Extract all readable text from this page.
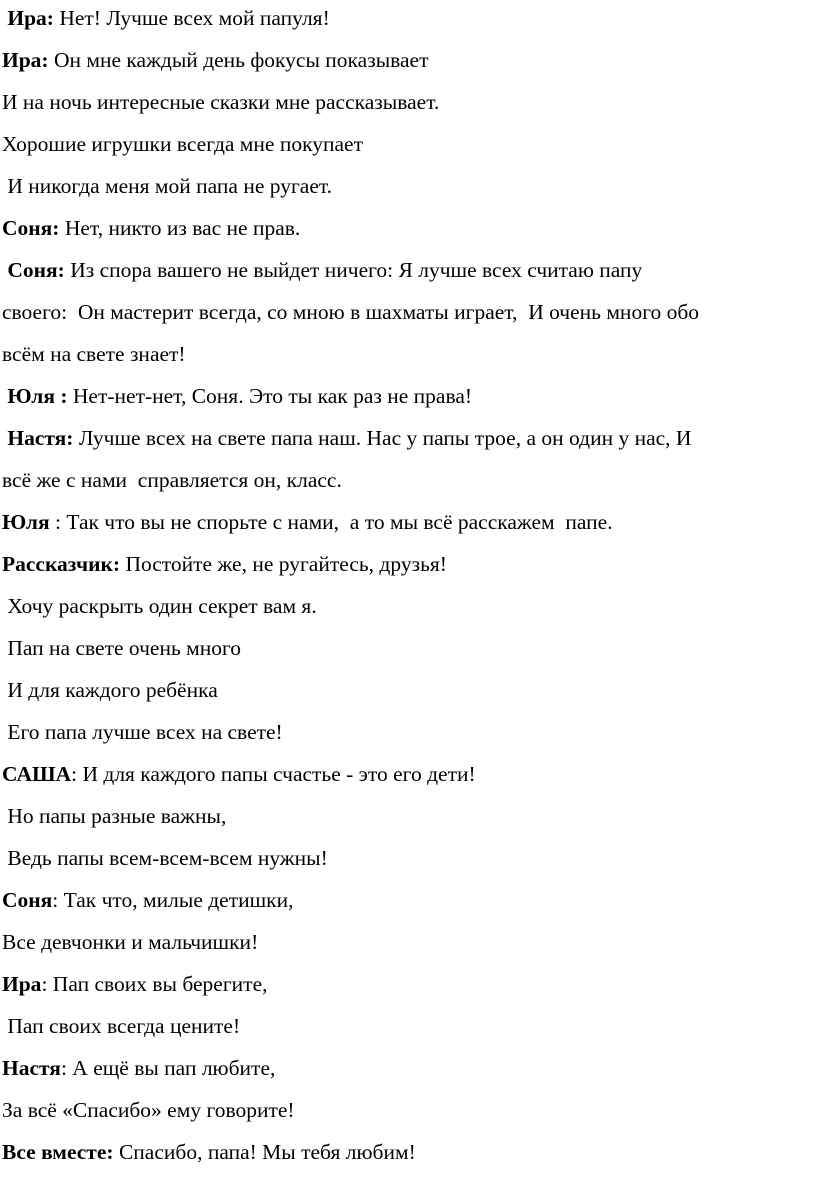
Ира: Нет! Лучше всех мой папуля!

Ира: Он мне каждый день фокусы показывает

И на ночь интересные сказки мне рассказывает.

Хорошие игрушки всегда мне покупает

И никогда меня мой папа не ругает.

Соня: Нет, никто из вас не прав.

Соня: Из спора вашего не выйдет ничего: Я лучше всех считаю папу

своего:  Он мастерит всегда, со мною в шахматы играет,  И очень много обо

всём на свете знает!

Юля : Нет-нет-нет, Соня. Это ты как раз не права!

Настя: Лучше всех на свете папа наш. Нас у папы трое, а он один у нас, И

всё же с нами  справляется он, класс.

Юля : Так что вы не спорьте с нами,  а то мы всё расскажем  папе.

Рассказчик: Постойте же, не ругайтесь, друзья!

Хочу раскрыть один секрет вам я.

Пап на свете очень много

И для каждого ребёнка

Его папа лучше всех на свете!

САША: И для каждого папы счастье - это его дети!

Но папы разные важны,

Ведь папы всем-всем-всем нужны!

Соня: Так что, милые детишки,

Все девчонки и мальчишки!

Ира: Пап своих вы берегите,

Пап своих всегда цените!

Настя: А ещё вы пап любите,

За всё «Спасибо» ему говорите!

Все вместе: Спасибо, папа! Мы тебя любим!
